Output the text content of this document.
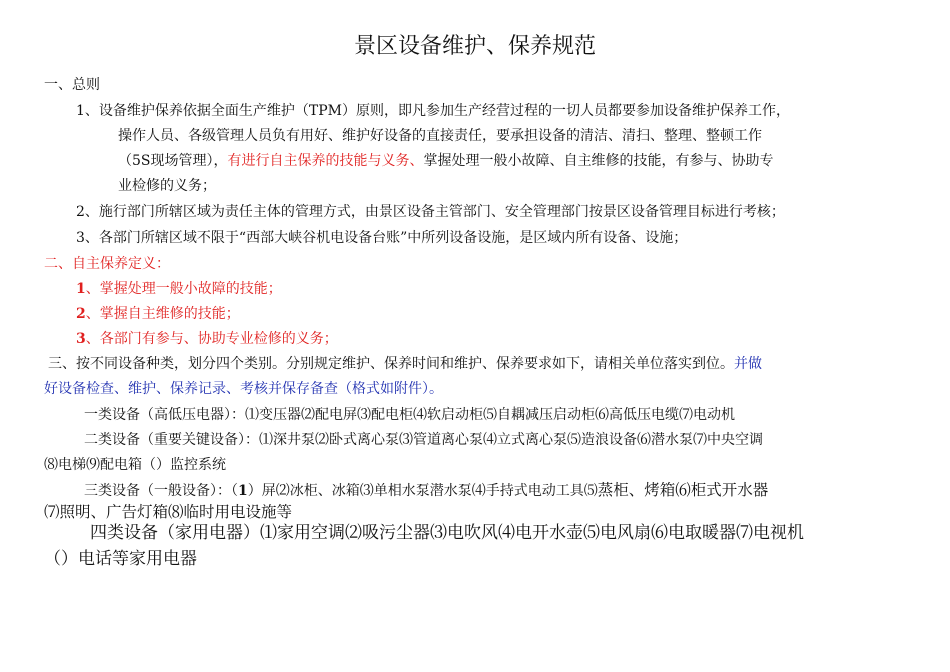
景区设备维护、保养规范
一、总则
1、设备维护保养依据全面生产维护（TPM）原则，即凡参加生产经营过程的一切人员都要参加设备维护保养工作，
操作人员、各级管理人员负有用好、维护好设备的直接责任，要承担设备的清洁、清扫、整理、整顿工作
（5S现场管理），有进行自主保养的技能与义务、掌握处理一般小故障、自主维修的技能，有参与、协助专
业检修的义务；
2、施行部门所辖区域为责任主体的管理方式，由景区设备主管部门、安全管理部门按景区设备管理目标进行考核；
3、各部门所辖区域不限于“西部大峡谷机电设备台账”中所列设备设施，是区域内所有设备、设施；
二、自主保养定义：
1、掌握处理一般小故障的技能；
2、掌握自主维修的技能；
3、各部门有参与、协助专业检修的义务；
三、按不同设备种类，划分四个类别。分别规定维护、保养时间和维护、保养要求如下，请相关单位落实到位。并做
好设备检查、维护、保养记录、考核并保存备查（格式如附件）。
一类设备（高低压电器）：⑴变压器⑵配电屏⑶配电柜⑷软启动柜⑸自耦减压启动柜⑹高低压电缆⑺电动机
二类设备（重要关键设备）：⑴深井泵⑵卧式离心泵⑶管道离心泵⑷立式离心泵⑸造浪设备⑹潜水泵⑺中央空调
⑻电梯⑼配电箱（）监控系统
三类设备（一般设备）：（1）屏⑵冰柜、冰箱⑶单相水泵潜水泵⑷手持式电动工具⑸蒸柜、烤箱⑹柜式开水器
⑺照明、广告灯箱⑻临时用电设施等
四类设备（家用电器）⑴家用空调⑵吸污尘器⑶电吹风⑷电开水壶⑸电风扇⑹电取暖器⑺电视机
（）电话等家用电器
